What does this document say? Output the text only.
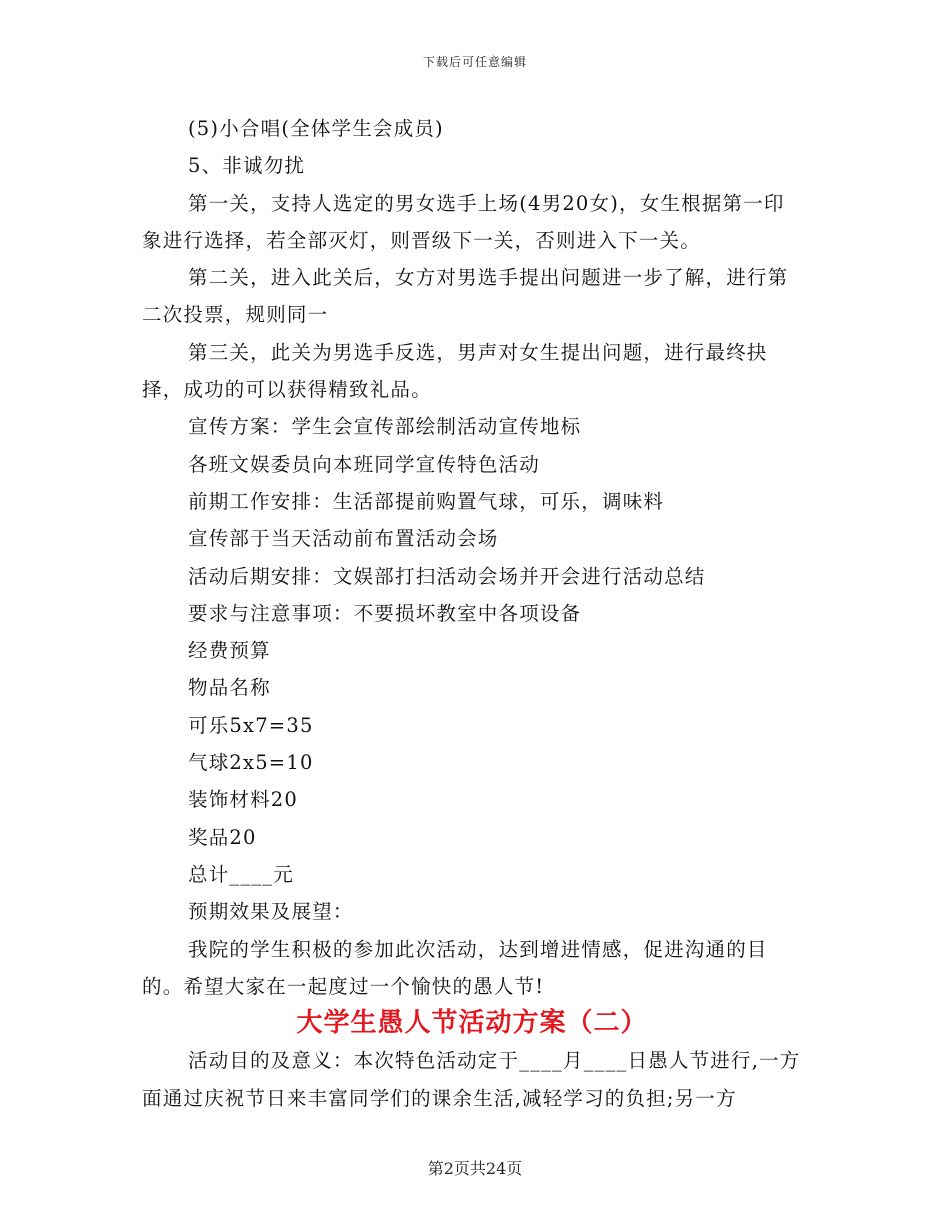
下载后可任意编辑

(5)小合唱(全体学生会成员)

5、非诚勿扰

第一关，支持人选定的男女选手上场(4男20女)，女生根据第一印象进行选择，若全部灭灯，则晋级下一关，否则进入下一关。

第二关，进入此关后，女方对男选手提出问题进一步了解，进行第二次投票，规则同一

第三关，此关为男选手反选，男声对女生提出问题，进行最终抉择，成功的可以获得精致礼品。

宣传方案：学生会宣传部绘制活动宣传地标

各班文娱委员向本班同学宣传特色活动

前期工作安排：生活部提前购置气球，可乐，调味料

宣传部于当天活动前布置活动会场

活动后期安排：文娱部打扫活动会场并开会进行活动总结

要求与注意事项：不要损坏教室中各项设备

经费预算

物品名称

可乐5x7=35

气球2x5=10

装饰材料20

奖品20

总计____元

预期效果及展望：

我院的学生积极的参加此次活动，达到增进情感，促进沟通的目的。希望大家在一起度过一个愉快的愚人节!

大学生愚人节活动方案（二）

活动目的及意义：本次特色活动定于____月____日愚人节进行,一方面通过庆祝节日来丰富同学们的课余生活,减轻学习的负担;另一方

第2页共24页
